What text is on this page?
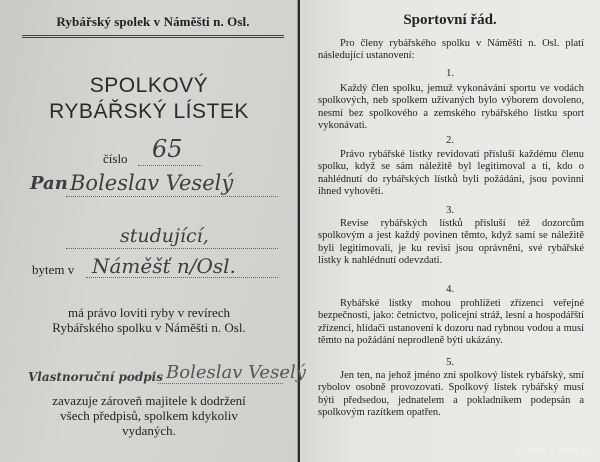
Rybářský spolek v Náměšti n. Osl.
SPOLKOVÝ
RYBÁŘSKÝ LÍSTEK
číslo 65
Pan Boleslav Veselý
studující,
bytem v Náměšť n/Osl.
má právo loviti ryby v revírech
Rybářského spolku v Náměšti n. Osl.
Vlastnoruční podpis Boleslav Veselý
zavazuje zároveň majitele k dodržení
všech předpisů, spolkem kdykoliv
vydaných.
Sportovní řád.
Pro členy rybářského spolku v Náměšti n. Osl. platí následující ustanovení:
1.
Každý člen spolku, jemuž vykonávání sportu ve vodách spolkových, neb spolkem užívaných bylo výborem dovoleno, nesmí bez spolkového a zemského rybářského lístku sport vykonávati.
2.
Právo rybářské lístky revidovati přísluší každému členu spolku, když se sám náležitě byl legitimoval a ti, kdo o nahlédnutí do rybářských lístků byli požádáni, jsou povinni ihned vyhověti.
3.
Revise rybářských lístků přísluší též dozorcům spolkovým a jest každý povinen těmto, když samí se náležitě byli legitimovali, je ku revisi jsou oprávněni, své rybářské lístky k nahlédnutí odevzdati.
4.
Rybářské lístky mohou prohlížeti zřízenci veřejné bezpečnosti, jako: četnictvo, policejní stráž, lesní a hospodářští zřízenci, hlídači ustanovení k dozoru nad rybnou vodou a musí těmto na požádání neprodleně býti ukázány.
5.
Jen ten, na jehož jméno zní spolkový lístek rybářský, smí rybolov osobně provozovati. Spolkový lístek rybářský musí býti předsedou, jednatelem a pokladníkem podepsán a spolkovým razítkem opatřen.
© kakr z MRK.cz
